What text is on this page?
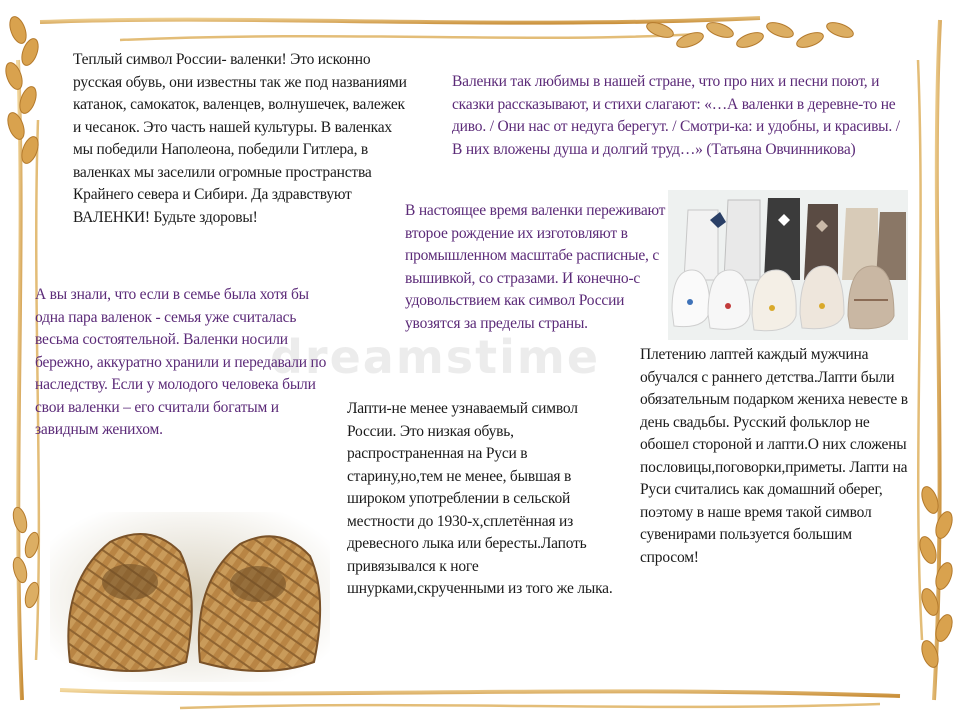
dreamstime

Теплый символ России- валенки! Это исконно русская обувь, они известны так же под названиями катанок, самокаток, валенцев, волнушечек, валежек и чесанок. Это часть нашей культуры. В валенках мы победили Наполеона, победили Гитлера, в валенках мы заселили огромные пространства Крайнего севера и Сибири. Да здравствуют ВАЛЕНКИ! Будьте здоровы!

Валенки так любимы в нашей стране, что про них и песни поют, и сказки рассказывают, и стихи слагают: «…А валенки в деревне-то не диво. / Они нас от недуга берегут. / Смотри-ка: и удобны, и красивы. / В них вложены душа и долгий труд…» (Татьяна Овчинникова)

В настоящее время валенки переживают второе рождение их изготовляют в промышленном масштабе расписные, с вышивкой, со стразами. И конечно-с удовольствием как символ России увозятся за пределы страны.

А вы знали, что если в семье была хотя бы одна пара валенок - семья уже считалась весьма состоятельной. Валенки носили бережно, аккуратно хранили и передавали по наследству. Если у молодого человека были свои валенки – его считали богатым и завидным женихом.

Лапти-не менее узнаваемый символ России. Это низкая обувь, распространенная на Руси в старину,но,тем не менее, бывшая в широком употреблении в сельской местности до 1930-х,сплетённая из древесного лыка или бересты.Лапоть привязывался к ноге шнурками,скрученными из того же лыка.

Плетению лаптей каждый мужчина обучался с раннего детства.Лапти были обязательным подарком жениха невесте в день свадьбы. Русский фольклор не обошел стороной и лапти.О них сложены пословицы,поговорки,приметы. Лапти на Руси считались как домашний оберег, поэтому в наше время такой символ сувенирами пользуется большим спросом!
